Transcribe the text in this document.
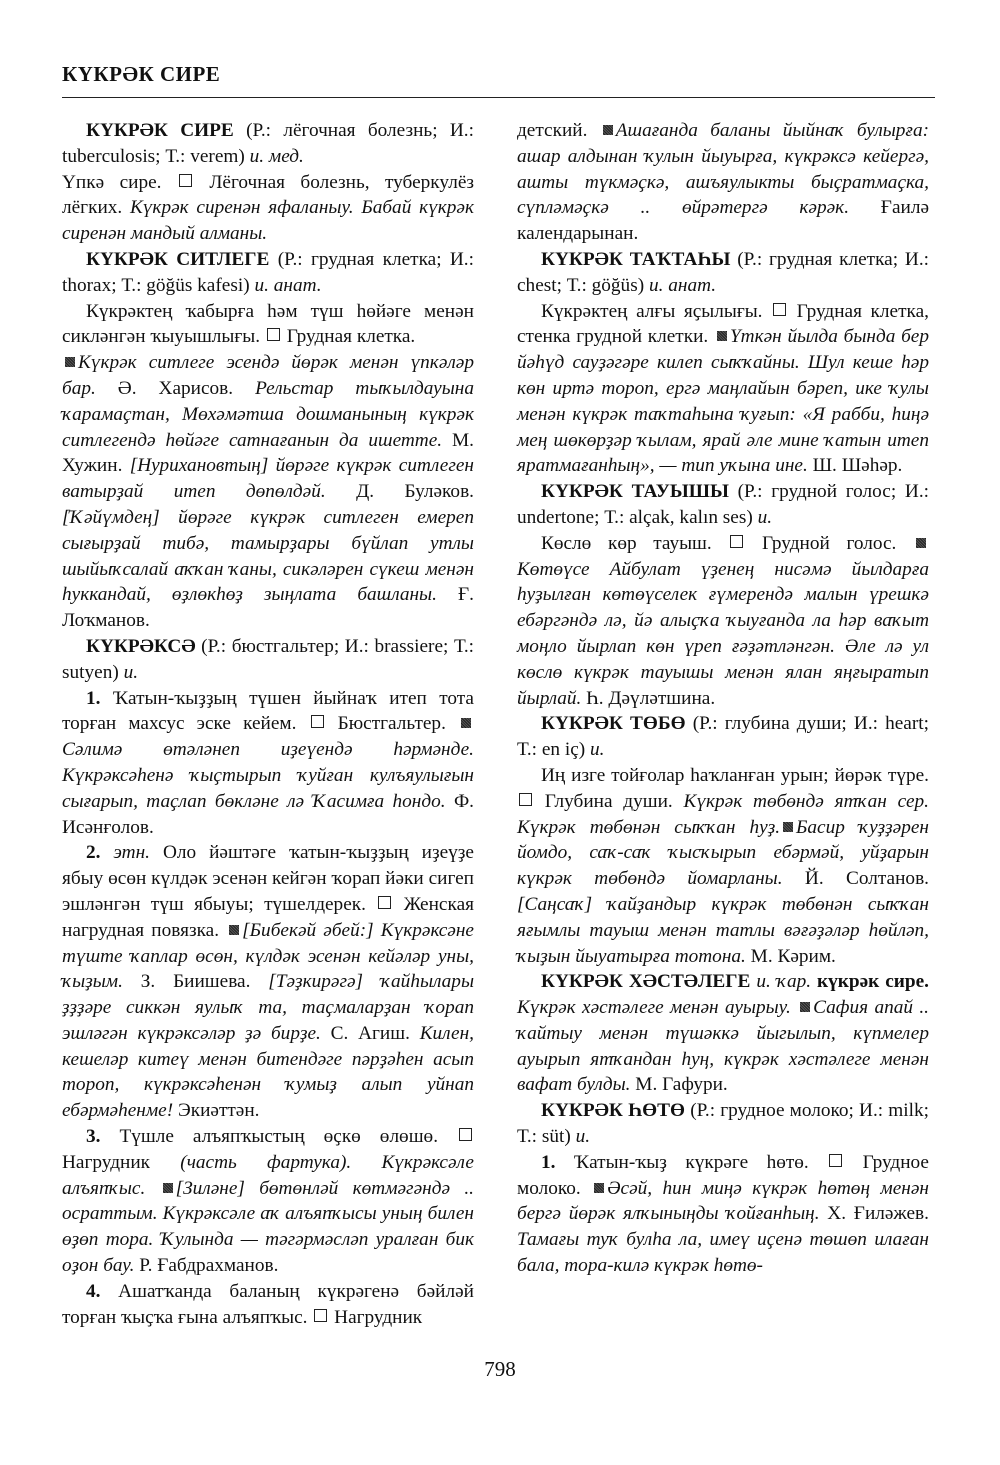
КҮКРӘК СИРЕ

КҮКРӘК СИРЕ (Р.: лёгочная болезнь; И.: tuberculosis; Т.: verem) и. мед.
Үпкә сире.  Лёгочная болезнь, туберкулёз лёгких. Күкрәк сиренән яфаланыу. Бабай күкрәк сиренән мандый алманы.

КҮКРӘК СИТЛЕГЕ (Р.: грудная клетка; И.: thorax; Т.: göğüs kafesi) и. анат.

Күкрәктең ҡабырға һәм түш һөйәге менән сикләнгән ҡыуышлығы.  Грудная клетка.
Күкрәк ситлеге эсендә йөрәк менән үпкәләр бар. Ә. Харисов. Рельстар тыҡылдауына ҡарамаҫтан, Мөхәмәтша дошманының күкрәк ситлегендә һөйәге сатнағанын да ишетте. М. Хужин. [Нурихановтың] йөрәге күкрәк ситлеген ватырҙай итеп дөпөлдәй. Д. Буләков. [Ҡәйүмдең] йөрәге күкрәк ситлеген емереп сығырҙай тибә, тамырҙары бүйлап утлы шыйыҡсалай аҡҡан ҡаны, сикәләрен сүкеш менән һуккандай, өҙлөкһөҙ зыңлата башланы. Ғ. Лоҡманов.

КҮКРӘКСӘ (Р.: бюстгальтер; И.: brassiere; Т.: sutyen) и.

1. Ҡатын-ҡыҙҙың түшен йыйнаҡ итеп тота торған махсус эске кейем.  Бюстгальтер. Сәлимә өтәләнеп иҙеүендә һәрмәнде. Күкрәксәһенә ҡыҫтырып ҡуйған кулъяулығын сығарып, таҫлап бөкләне лә Ҡасимға һондо. Ф. Исәнғолов.

2. этн. Оло йәштәге ҡатын-ҡыҙҙың иҙеүҙе ябыу өсөн күлдәк эсенән кейгән ҡорап йәки сигеп эшләнгән түш ябыуы; түшелдерек.  Женская нагрудная повязка. [Бибекәй әбей:] Күкрәксәне түште ҡаплар өсөн, күлдәк эсенән кейәләр уны, ҡыҙым. З. Биишева. [Тәҙкирәгә] ҡайһылары ҙҙҙәре сиккән яулыҡ та, таҫмаларҙан ҡорап эшләгән күкрәксәләр ҙә бирҙе. С. Агиш. Килен, кешеләр китеү менән битендәге пәрҙәһен асып тороп, күкрәксәһенән ҡумыҙ алып уйнап ебәрмәһенме! Экиәттән.

3. Түшле алъяпҡыстың өҫкө өлөшө.  Нагрудник (часть фартука). Күкрәксәле алъяпҡыс. [Зиләне] бөтөнләй көтмәгәндә .. осраттым. Күкрәксәле аҡ алъяпҡысы уның билен өҙөп тора. Ҡулында — тәгәрмәсләп уралған бик оҙон бау. Р. Ғабдрахманов.

4. Ашатҡанда баланың күкрәгенә бәйләй торған ҡыҫҡа ғына алъяпҡыс.  Нагрудник

детский. Ашағанда баланы йыйнаҡ булырға: ашар алдынан ҡулын йыуырға, күкрәксә кейергә, ашты түкмәҫкә, ашъяулыкты быҫратмаҫка, сүпләмәҫкә .. өйрәтергә кәрәк. Ғаилә календарынан.

КҮКРӘК ТАҠТАҺЫ (Р.: грудная клетка; И.: chest; Т.: göğüs) и. анат.

Күкрәктең алғы яҫылығы.  Грудная клетка, стенка грудной клетки. Үткән йылда бында бер йәһүд сауҙәгәре килеп сыҡҡайны. Шул кеше һәр көн иртә тороп, ергә маңлайын бәреп, ике ҡулы менән күкрәк таҡтаһына ҡуғып: «Я рабби, һиңә мең шөкөрҙәр ҡылам, ярай әле мине ҡатын итеп яратмағанһың», — тип уҡына ине. Ш. Шәһәр.

КҮКРӘК ТАУЫШЫ (Р.: грудной голос; И.: undertone; Т.: alçak, kalın ses) и.

Көслө көр тауыш.  Грудной голос. Көтөүсе Айбулат үҙенең нисәмә йылдарға һуҙылған көтөүселек ғүмерендә малын үрешкә ебәргәндә лә, йә алыҫҡа ҡыуғанда ла һәр ваҡыт моңло йырлап көн үреп ғәҙәтләнгән. Әле лә ул көслө күкрәк тауышы менән ялан яңғыратып йырлай. Һ. Дәүләтшина.

КҮКРӘК ТӨБӨ (Р.: глубина души; И.: heart; Т.: en iç) и.

Иң изге тойғолар һаҡланған урын; йөрәк түре.  Глубина души. Күкрәк төбөндә ятҡан сер. Күкрәк төбөнән сыҡҡан һуҙ. Басир ҡуҙҙәрен йомдо, саҡ-саҡ ҡысҡырып ебәрмәй, уйҙарын күкрәк төбөндә йомарланы. Й. Солтанов. [Саңсаҡ] ҡайҙандыр күкрәк төбөнән сыҡҡан яғымлы тауыш менән татлы вәғәҙәләр һөйләп, ҡыҙын йыуатырға тотона. М. Кәрим.

КҮКРӘК ХӘСТӘЛЕГЕ и. ҡар. күкрәк сире. Күкрәк хәстәлеге менән ауырыу. Сафия апай .. ҡайтыу менән түшәккә йыгылып, күпмелер ауырып ятҡандан һуң, күкрәк хәстәлеге менән вафат булды. М. Гафури.

КҮКРӘК ҺӨТӨ (Р.: грудное молоко; И.: milk; Т.: süt) и.

1. Ҡатын-ҡыҙ күкрәге һөтө.  Грудное молоко. Әсәй, һин миңә күкрәк һөтөң менән бергә йөрәк ялҡыныңды ҡойғанһың. Х. Ғиләжев. Тамағы туҡ булһа ла, имеү иҫенә төшөп илаған бала, тора-килә күкрәк һөтө-

798
